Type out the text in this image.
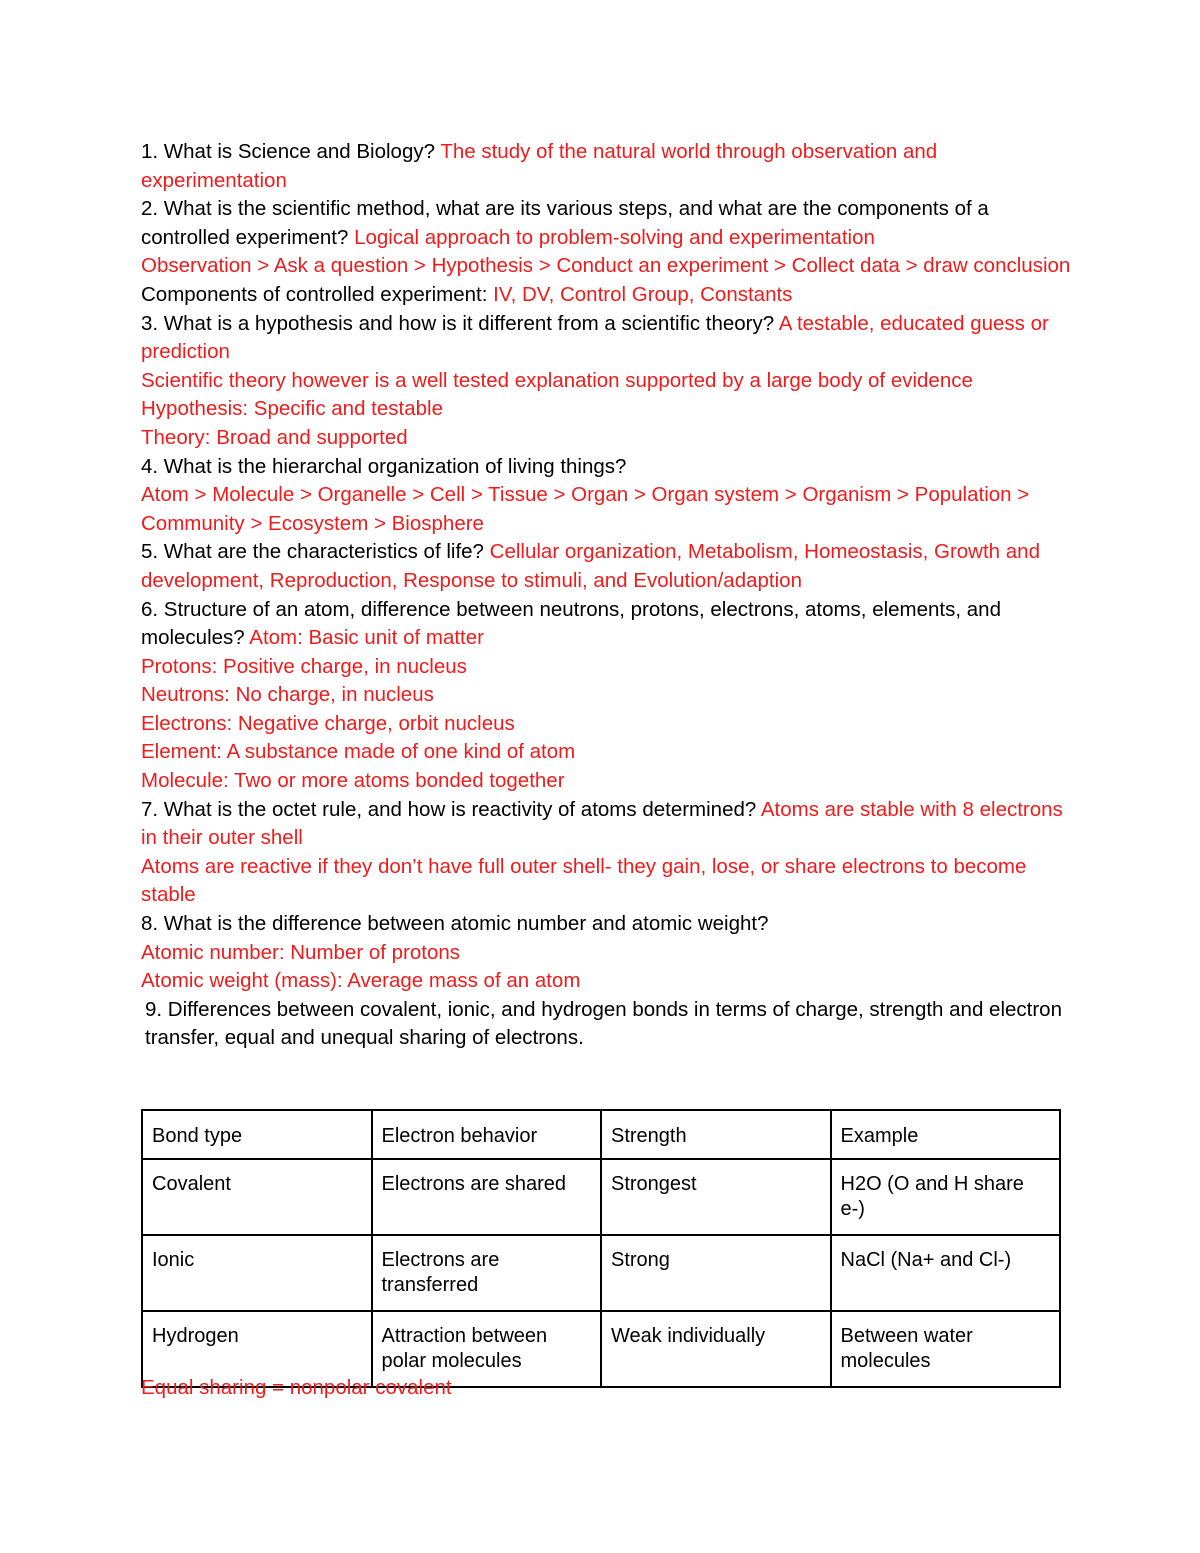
1. What is Science and Biology? The study of the natural world through observation and experimentation

2. What is the scientific method, what are its various steps, and what are the components of a controlled experiment? Logical approach to problem-solving and experimentation

Observation > Ask a question > Hypothesis > Conduct an experiment > Collect data > draw conclusion

Components of controlled experiment: IV, DV, Control Group, Constants

3. What is a hypothesis and how is it different from a scientific theory? A testable, educated guess or prediction

Scientific theory however is a well tested explanation supported by a large body of evidence

Hypothesis: Specific and testable

Theory: Broad and supported

4. What is the hierarchal organization of living things?

Atom > Molecule > Organelle > Cell > Tissue > Organ > Organ system > Organism > Population > Community > Ecosystem > Biosphere

5. What are the characteristics of life? Cellular organization, Metabolism, Homeostasis, Growth and development, Reproduction, Response to stimuli, and Evolution/adaption

6. Structure of an atom, difference between neutrons, protons, electrons, atoms, elements, and molecules? Atom: Basic unit of matter

Protons: Positive charge, in nucleus

Neutrons: No charge, in nucleus

Electrons: Negative charge, orbit nucleus

Element: A substance made of one kind of atom

Molecule: Two or more atoms bonded together

7. What is the octet rule, and how is reactivity of atoms determined? Atoms are stable with 8 electrons in their outer shell

Atoms are reactive if they don’t have full outer shell- they gain, lose, or share electrons to become stable

8. What is the difference between atomic number and atomic weight?

Atomic number: Number of protons

Atomic weight (mass): Average mass of an atom

9. Differences between covalent, ionic, and hydrogen bonds in terms of charge, strength and electron transfer, equal and unequal sharing of electrons.

Bond type	Electron behavior	Strength	Example
Covalent	Electrons are shared	Strongest	H2O (O and H share e-)
Ionic	Electrons are transferred	Strong	NaCl (Na+ and Cl-)
Hydrogen	Attraction between polar molecules	Weak individually	Between water molecules

Equal sharing = nonpolar covalent
